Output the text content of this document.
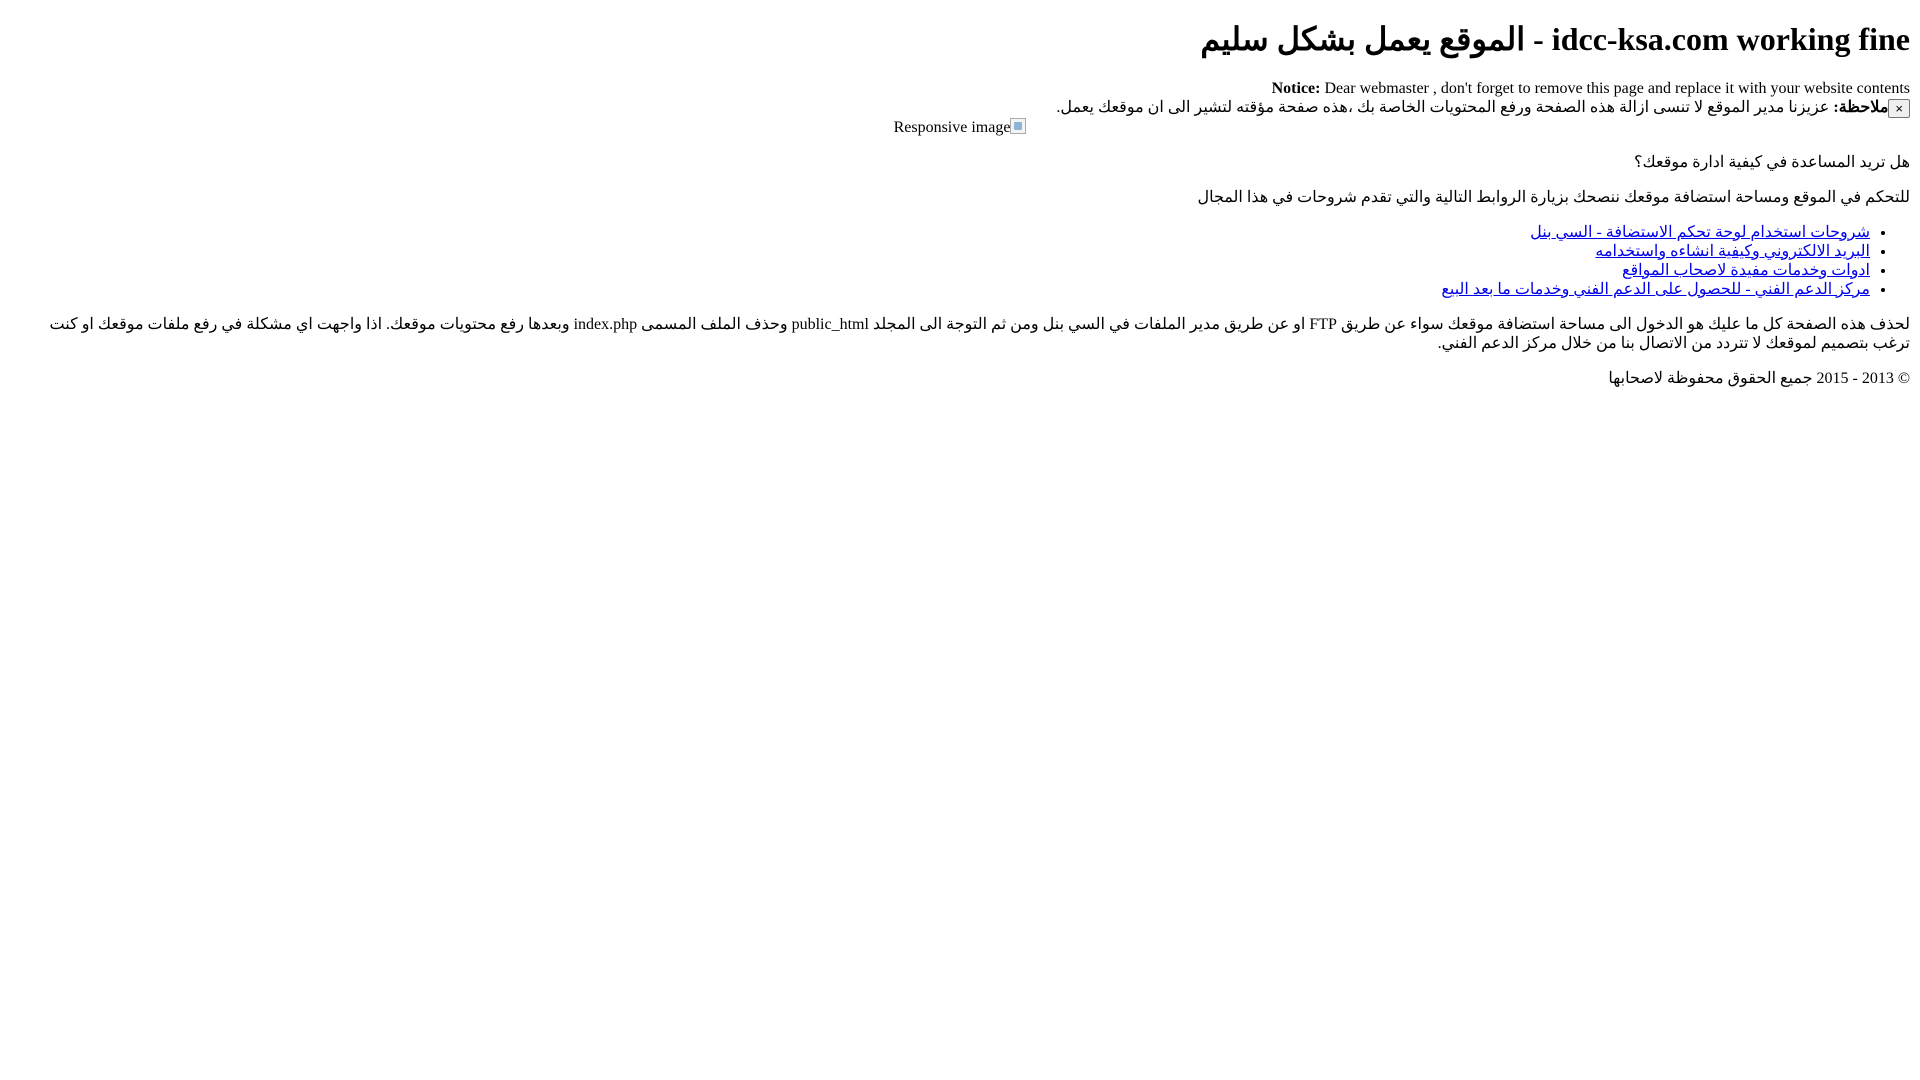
idcc-ksa.com working fine - الموقع يعمل بشكل سليم
Notice: Dear webmaster , don't forget to remove this page and replace it with your website contents
×ملاحظة: عزيزنا مدير الموقع لا تنسى ازالة هذه الصفحة ورفع المحتويات الخاصة بك ،هذه صفحة مؤقته لتشير الى ان موقعك يعمل.
Responsive image

هل تريد المساعدة في كيفية ادارة موقعك؟

للتحكم في الموقع ومساحة استضافة موقعك ننصحك بزيارة الروابط التالية والتي تقدم شروحات في هذا المجال

• شروحات استخدام لوحة تحكم الاستضافة - السي بنل
• البريد الالكتروني وكيفية انشاءه واستخدامه
• ادوات وخدمات مفيدة لاصحاب المواقع
• مركز الدعم الفني - للحصول على الدعم الفني وخدمات ما بعد البيع

لحذف هذه الصفحة كل ما عليك هو الدخول الى مساحة استضافة موقعك سواء عن طريق FTP او عن طريق مدير الملفات في السي بنل ومن ثم التوجة الى المجلد public_html وحذف الملف المسمى index.php وبعدها رفع محتويات موقعك. اذا واجهت اي مشكلة في رفع ملفات موقعك او كنت ترغب بتصميم لموقعك لا تتردد من الاتصال بنا من خلال مركز الدعم الفني.

© 2013 - 2015 جميع الحقوق محفوظة لاصحابها
